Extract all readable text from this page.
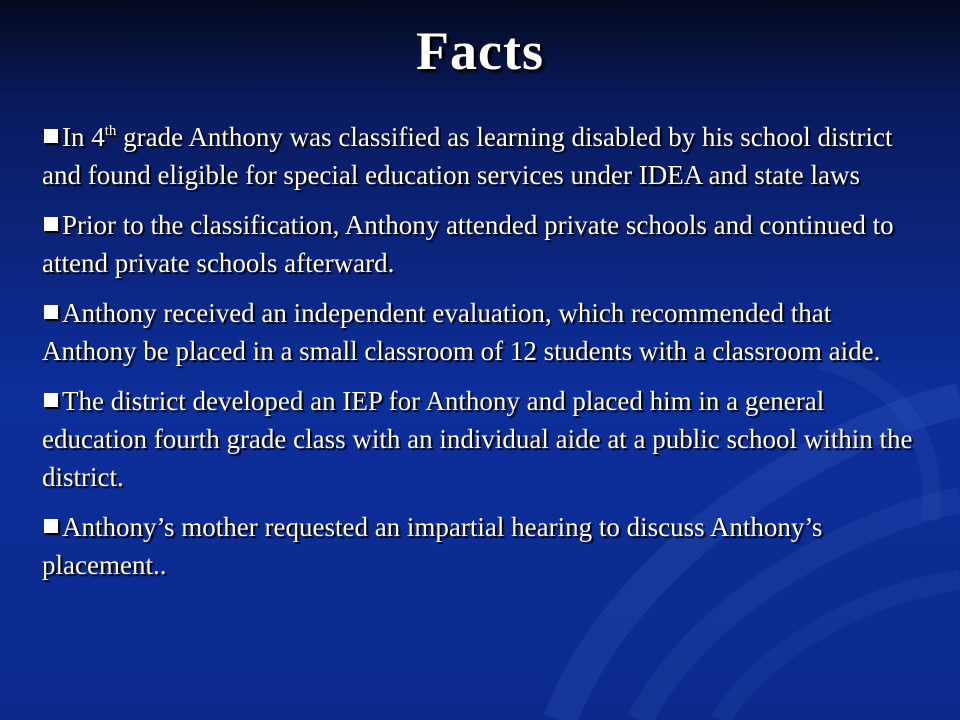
Facts
In 4th grade Anthony was classified as learning disabled by his school district and found eligible for special education services under IDEA and state laws
Prior to the classification, Anthony attended private schools and continued to attend private schools afterward.
Anthony received an independent evaluation, which recommended that Anthony be placed in a small classroom of 12 students with a classroom aide.
The district developed an IEP for Anthony and placed him in a general education fourth grade class with an individual aide at a public school within the district.
Anthony’s mother requested an impartial hearing to discuss Anthony’s placement..
